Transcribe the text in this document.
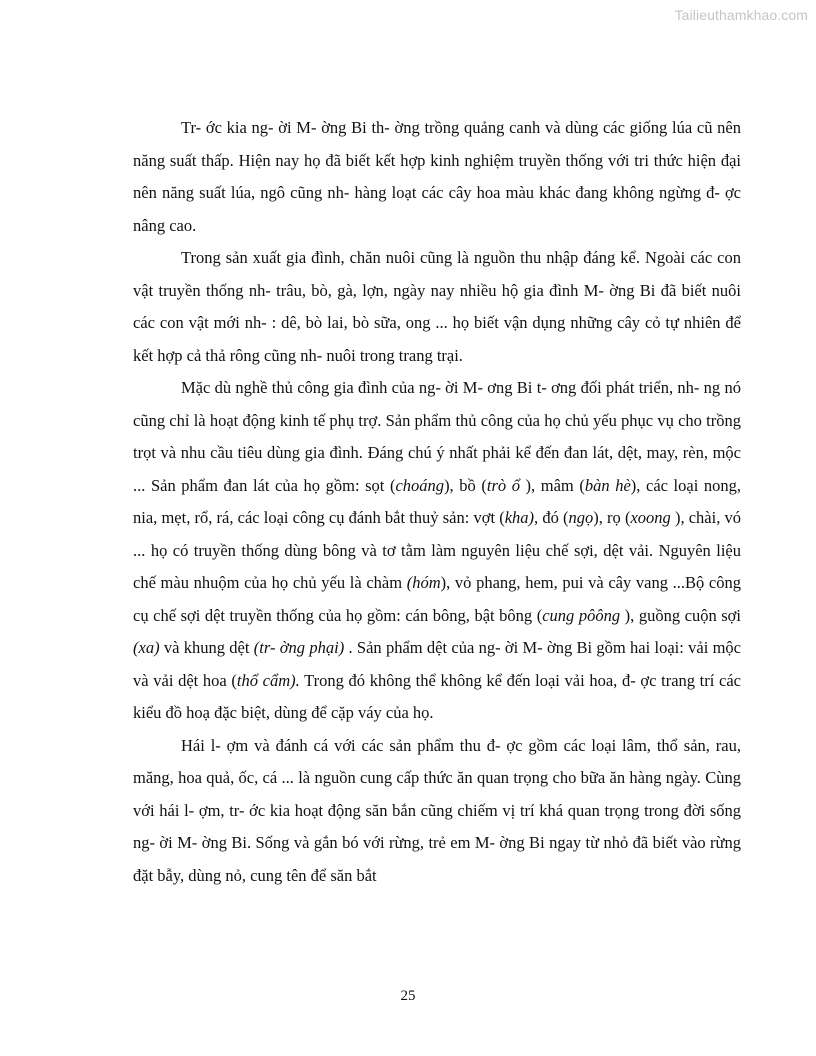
Tailieuthamkhao.com

Tr- ớc kia ng- ời M- ờng Bi th- ờng trồng quảng canh và dùng các giống lúa cũ nên năng suất thấp. Hiện nay họ đã biết kết hợp kinh nghiệm truyền thống với tri thức hiện đại nên năng suất lúa, ngô cũng nh- hàng loạt các cây hoa màu khác đang không ngừng đ- ợc nâng cao.

Trong sản xuất gia đình, chăn nuôi cũng là nguồn thu nhập đáng kể. Ngoài các con vật truyền thống nh- trâu, bò, gà, lợn, ngày nay nhiều hộ gia đình M- ờng Bi đã biết nuôi các con vật mới nh- : dê, bò lai, bò sữa, ong ... họ biết vận dụng những cây cỏ tự nhiên để kết hợp cả thả rông cũng nh- nuôi trong trang trại.

Mặc dù nghề thủ công gia đình của ng- ời M- ơng Bi t- ơng đối phát triển, nh- ng nó cũng chỉ là hoạt động kinh tế phụ trợ. Sản phẩm thủ công của họ chủ yếu phục vụ cho trồng trọt và nhu cầu tiêu dùng gia đình. Đáng chú ý nhất phải kể đến đan lát, dệt, may, rèn, mộc ... Sản phẩm đan lát của họ gồm: sọt (choáng), bồ (trò ổ ), mâm (bàn hè), các loại nong, nia, mẹt, rổ, rá, các loại công cụ đánh bắt thuỷ sản: vợt (kha), đó (ngọ), rọ (xoong ), chài, vó ... họ có truyền thống dùng bông và tơ tằm làm nguyên liệu chế sợi, dệt vải. Nguyên liệu chế màu nhuộm của họ chủ yếu là chàm (hóm), vỏ phang, hem, pui và cây vang ...Bộ công cụ chế sợi dệt truyền thống của họ gồm: cán bông, bật bông (cung pôông ), guồng cuộn sợi (xa) và khung dệt (tr- ờng phại) . Sản phẩm dệt của ng- ời M- ờng Bi gồm hai loại: vải mộc và vải dệt hoa (thổ cẩm). Trong đó không thể không kể đến loại vải hoa, đ- ợc trang trí các kiểu đồ hoạ đặc biệt, dùng để cặp váy của họ.

Hái l- ợm và đánh cá với các sản phẩm thu đ- ợc gồm các loại lâm, thổ sản, rau, măng, hoa quả, ốc, cá ... là nguồn cung cấp thức ăn quan trọng cho bữa ăn hàng ngày. Cùng với hái l- ợm, tr- ớc kia hoạt động săn bắn cũng chiếm vị trí khá quan trọng trong đời sống ng- ời M- ờng Bi. Sống và gắn bó với rừng, trẻ em M- ờng Bi ngay từ nhỏ đã biết vào rừng đặt bẫy, dùng nỏ, cung tên để săn bắt

25
